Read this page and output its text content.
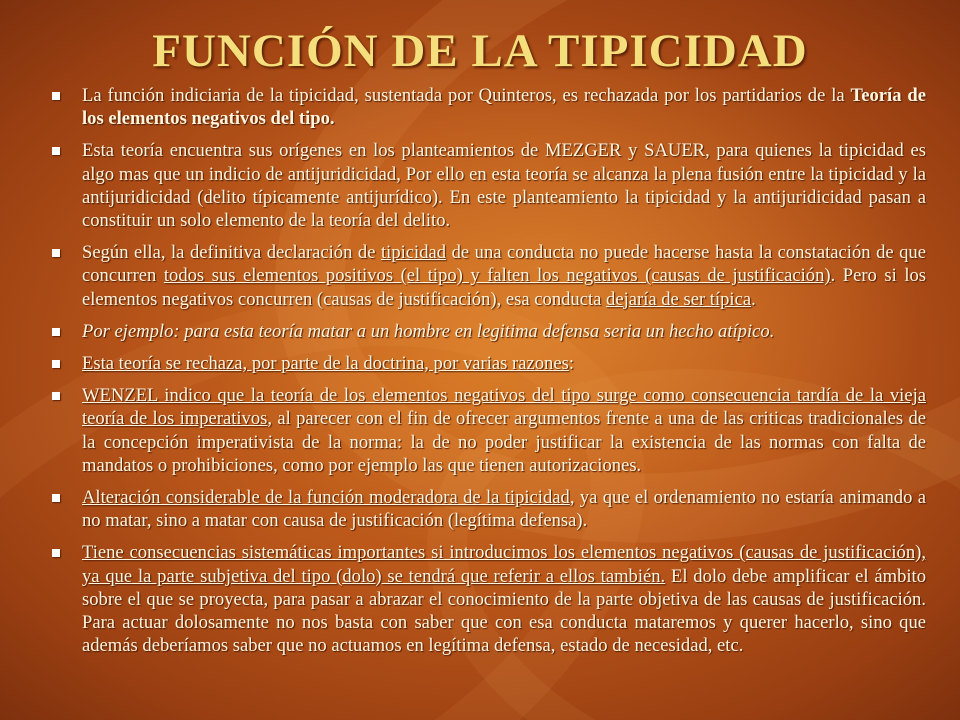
FUNCIÓN DE LA TIPICIDAD
La función indiciaria de la tipicidad, sustentada por Quinteros, es rechazada por los partidarios de la Teoría de los elementos negativos del tipo.
Esta teoría encuentra sus orígenes en los planteamientos de MEZGER y SAUER, para quienes la tipicidad es algo mas que un indicio de antijuridicidad, Por ello en esta teoría se alcanza la plena fusión entre la tipicidad y la antijuridicidad (delito típicamente antijurídico). En este planteamiento la tipicidad y la antijuridicidad pasan a constituir un solo elemento de la teoría del delito.
Según ella, la definitiva declaración de tipicidad de una conducta no puede hacerse hasta la constatación de que concurren todos sus elementos positivos (el tipo) y falten los negativos (causas de justificación). Pero si los elementos negativos concurren (causas de justificación), esa conducta dejaría de ser típica.
Por ejemplo: para esta teoría matar a un hombre en legitima defensa seria un hecho atípico.
Esta teoría se rechaza, por parte de la doctrina, por varias razones:
WENZEL indico que la teoría de los elementos negativos del tipo surge como consecuencia tardía de la vieja teoría de los imperativos, al parecer con el fin de ofrecer argumentos frente a una de las criticas tradicionales de la concepción imperativista de la norma: la de no poder justificar la existencia de las normas con falta de mandatos o prohibiciones, como por ejemplo las que tienen autorizaciones.
Alteración considerable de la función moderadora de la tipicidad, ya que el ordenamiento no estaría animando a no matar, sino a matar con causa de justificación (legítima defensa).
Tiene consecuencias sistemáticas importantes si introducimos los elementos negativos (causas de justificación), ya que la parte subjetiva del tipo (dolo) se tendrá que referir a ellos también. El dolo debe amplificar el ámbito sobre el que se proyecta, para pasar a abrazar el conocimiento de la parte objetiva de las causas de justificación. Para actuar dolosamente no nos basta con saber que con esa conducta mataremos y querer hacerlo, sino que además deberíamos saber que no actuamos en legítima defensa, estado de necesidad, etc.
